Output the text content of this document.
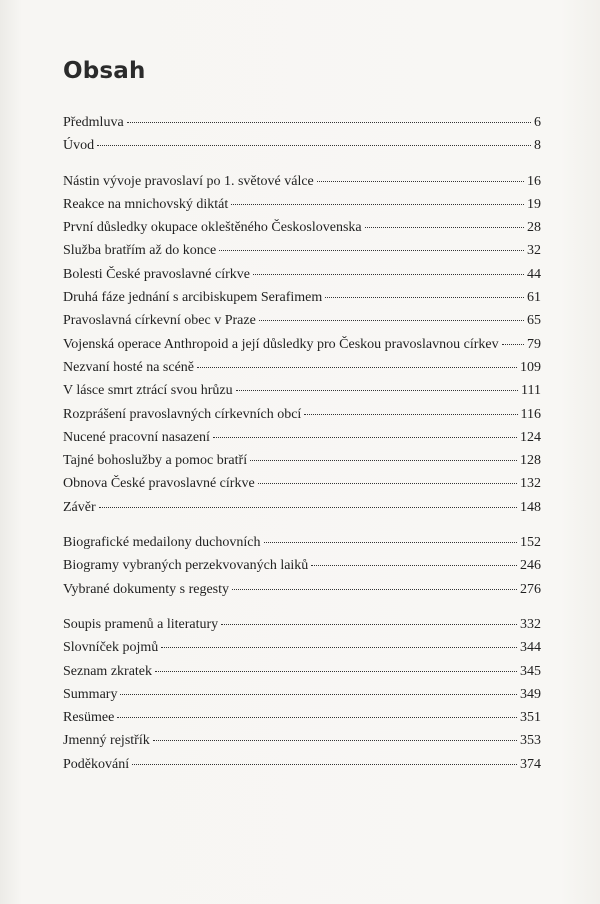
Obsah
Předmluva	6
Úvod	8
Nástin vývoje pravoslaví po 1. světové válce	16
Reakce na mnichovský diktát	19
První důsledky okupace okleštěného Československa	28
Služba bratřím až do konce	32
Bolesti České pravoslavné církve	44
Druhá fáze jednání s arcibiskupem Serafimem	61
Pravoslavná církevní obec v Praze	65
Vojenská operace Anthropoid a její důsledky pro Českou pravoslavnou církev 79
Nezvaní hosté na scéně	109
V lásce smrt ztrácí svou hrůzu	111
Rozprášení pravoslavných církevních obcí	116
Nucené pracovní nasazení	124
Tajné bohoslužby a pomoc bratří	128
Obnova České pravoslavné církve	132
Závěr	148
Biografické medailony duchovních	152
Biogramy vybraných perzekvovaných laiků	246
Vybrané dokumenty s regesty	276
Soupis pramenů a literatury	332
Slovníček pojmů	344
Seznam zkratek	345
Summary	349
Resümee	351
Jmenný rejstřík	353
Poděkování	374
